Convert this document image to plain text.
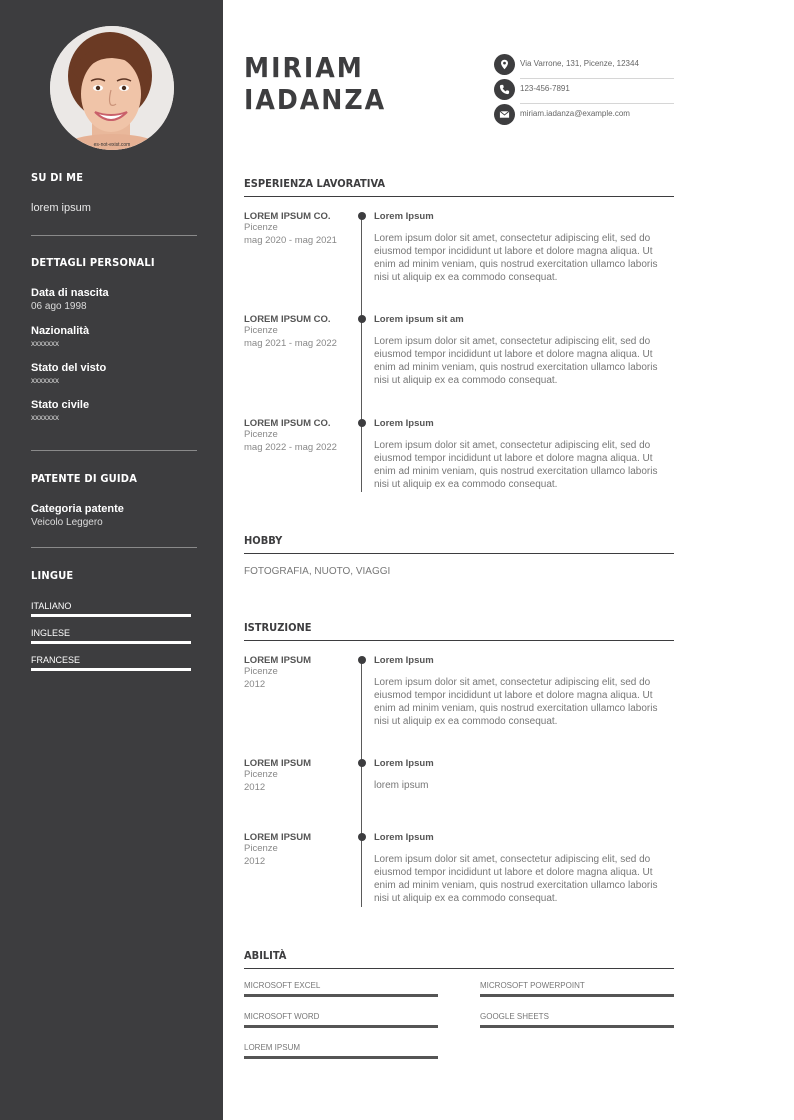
es-not-exist.com
SU DI ME
lorem ipsum
DETTAGLI PERSONALI
Data di nascita
06 ago 1998
Nazionalità
xxxxxxx
Stato del visto
xxxxxxx
Stato civile
xxxxxxx
PATENTE DI GUIDA
Categoria patente
Veicolo Leggero
LINGUE
ITALIANO
INGLESE
FRANCESE
MIRIAM
IADANZA
Via Varrone, 131, Picenze, 12344
123-456-7891
miriam.iadanza@example.com
ESPERIENZA LAVORATIVA
LOREM IPSUM CO.
Picenze
mag 2020 - mag 2021
Lorem Ipsum
Lorem ipsum dolor sit amet, consectetur adipiscing elit, sed do eiusmod tempor incididunt ut labore et dolore magna aliqua. Ut enim ad minim veniam, quis nostrud exercitation ullamco laboris nisi ut aliquip ex ea commodo consequat.
LOREM IPSUM CO.
Picenze
mag 2021 - mag 2022
Lorem ipsum sit am
Lorem ipsum dolor sit amet, consectetur adipiscing elit, sed do eiusmod tempor incididunt ut labore et dolore magna aliqua. Ut enim ad minim veniam, quis nostrud exercitation ullamco laboris nisi ut aliquip ex ea commodo consequat.
LOREM IPSUM CO.
Picenze
mag 2022 - mag 2022
Lorem Ipsum
Lorem ipsum dolor sit amet, consectetur adipiscing elit, sed do eiusmod tempor incididunt ut labore et dolore magna aliqua. Ut enim ad minim veniam, quis nostrud exercitation ullamco laboris nisi ut aliquip ex ea commodo consequat.
HOBBY
FOTOGRAFIA, NUOTO, VIAGGI
ISTRUZIONE
LOREM IPSUM
Picenze
2012
Lorem Ipsum
Lorem ipsum dolor sit amet, consectetur adipiscing elit, sed do eiusmod tempor incididunt ut labore et dolore magna aliqua. Ut enim ad minim veniam, quis nostrud exercitation ullamco laboris nisi ut aliquip ex ea commodo consequat.
LOREM IPSUM
Picenze
2012
Lorem Ipsum
lorem ipsum
LOREM IPSUM
Picenze
2012
Lorem Ipsum
Lorem ipsum dolor sit amet, consectetur adipiscing elit, sed do eiusmod tempor incididunt ut labore et dolore magna aliqua. Ut enim ad minim veniam, quis nostrud exercitation ullamco laboris nisi ut aliquip ex ea commodo consequat.
ABILITÀ
MICROSOFT EXCEL	MICROSOFT POWERPOINT
MICROSOFT WORD	GOOGLE SHEETS
LOREM IPSUM
